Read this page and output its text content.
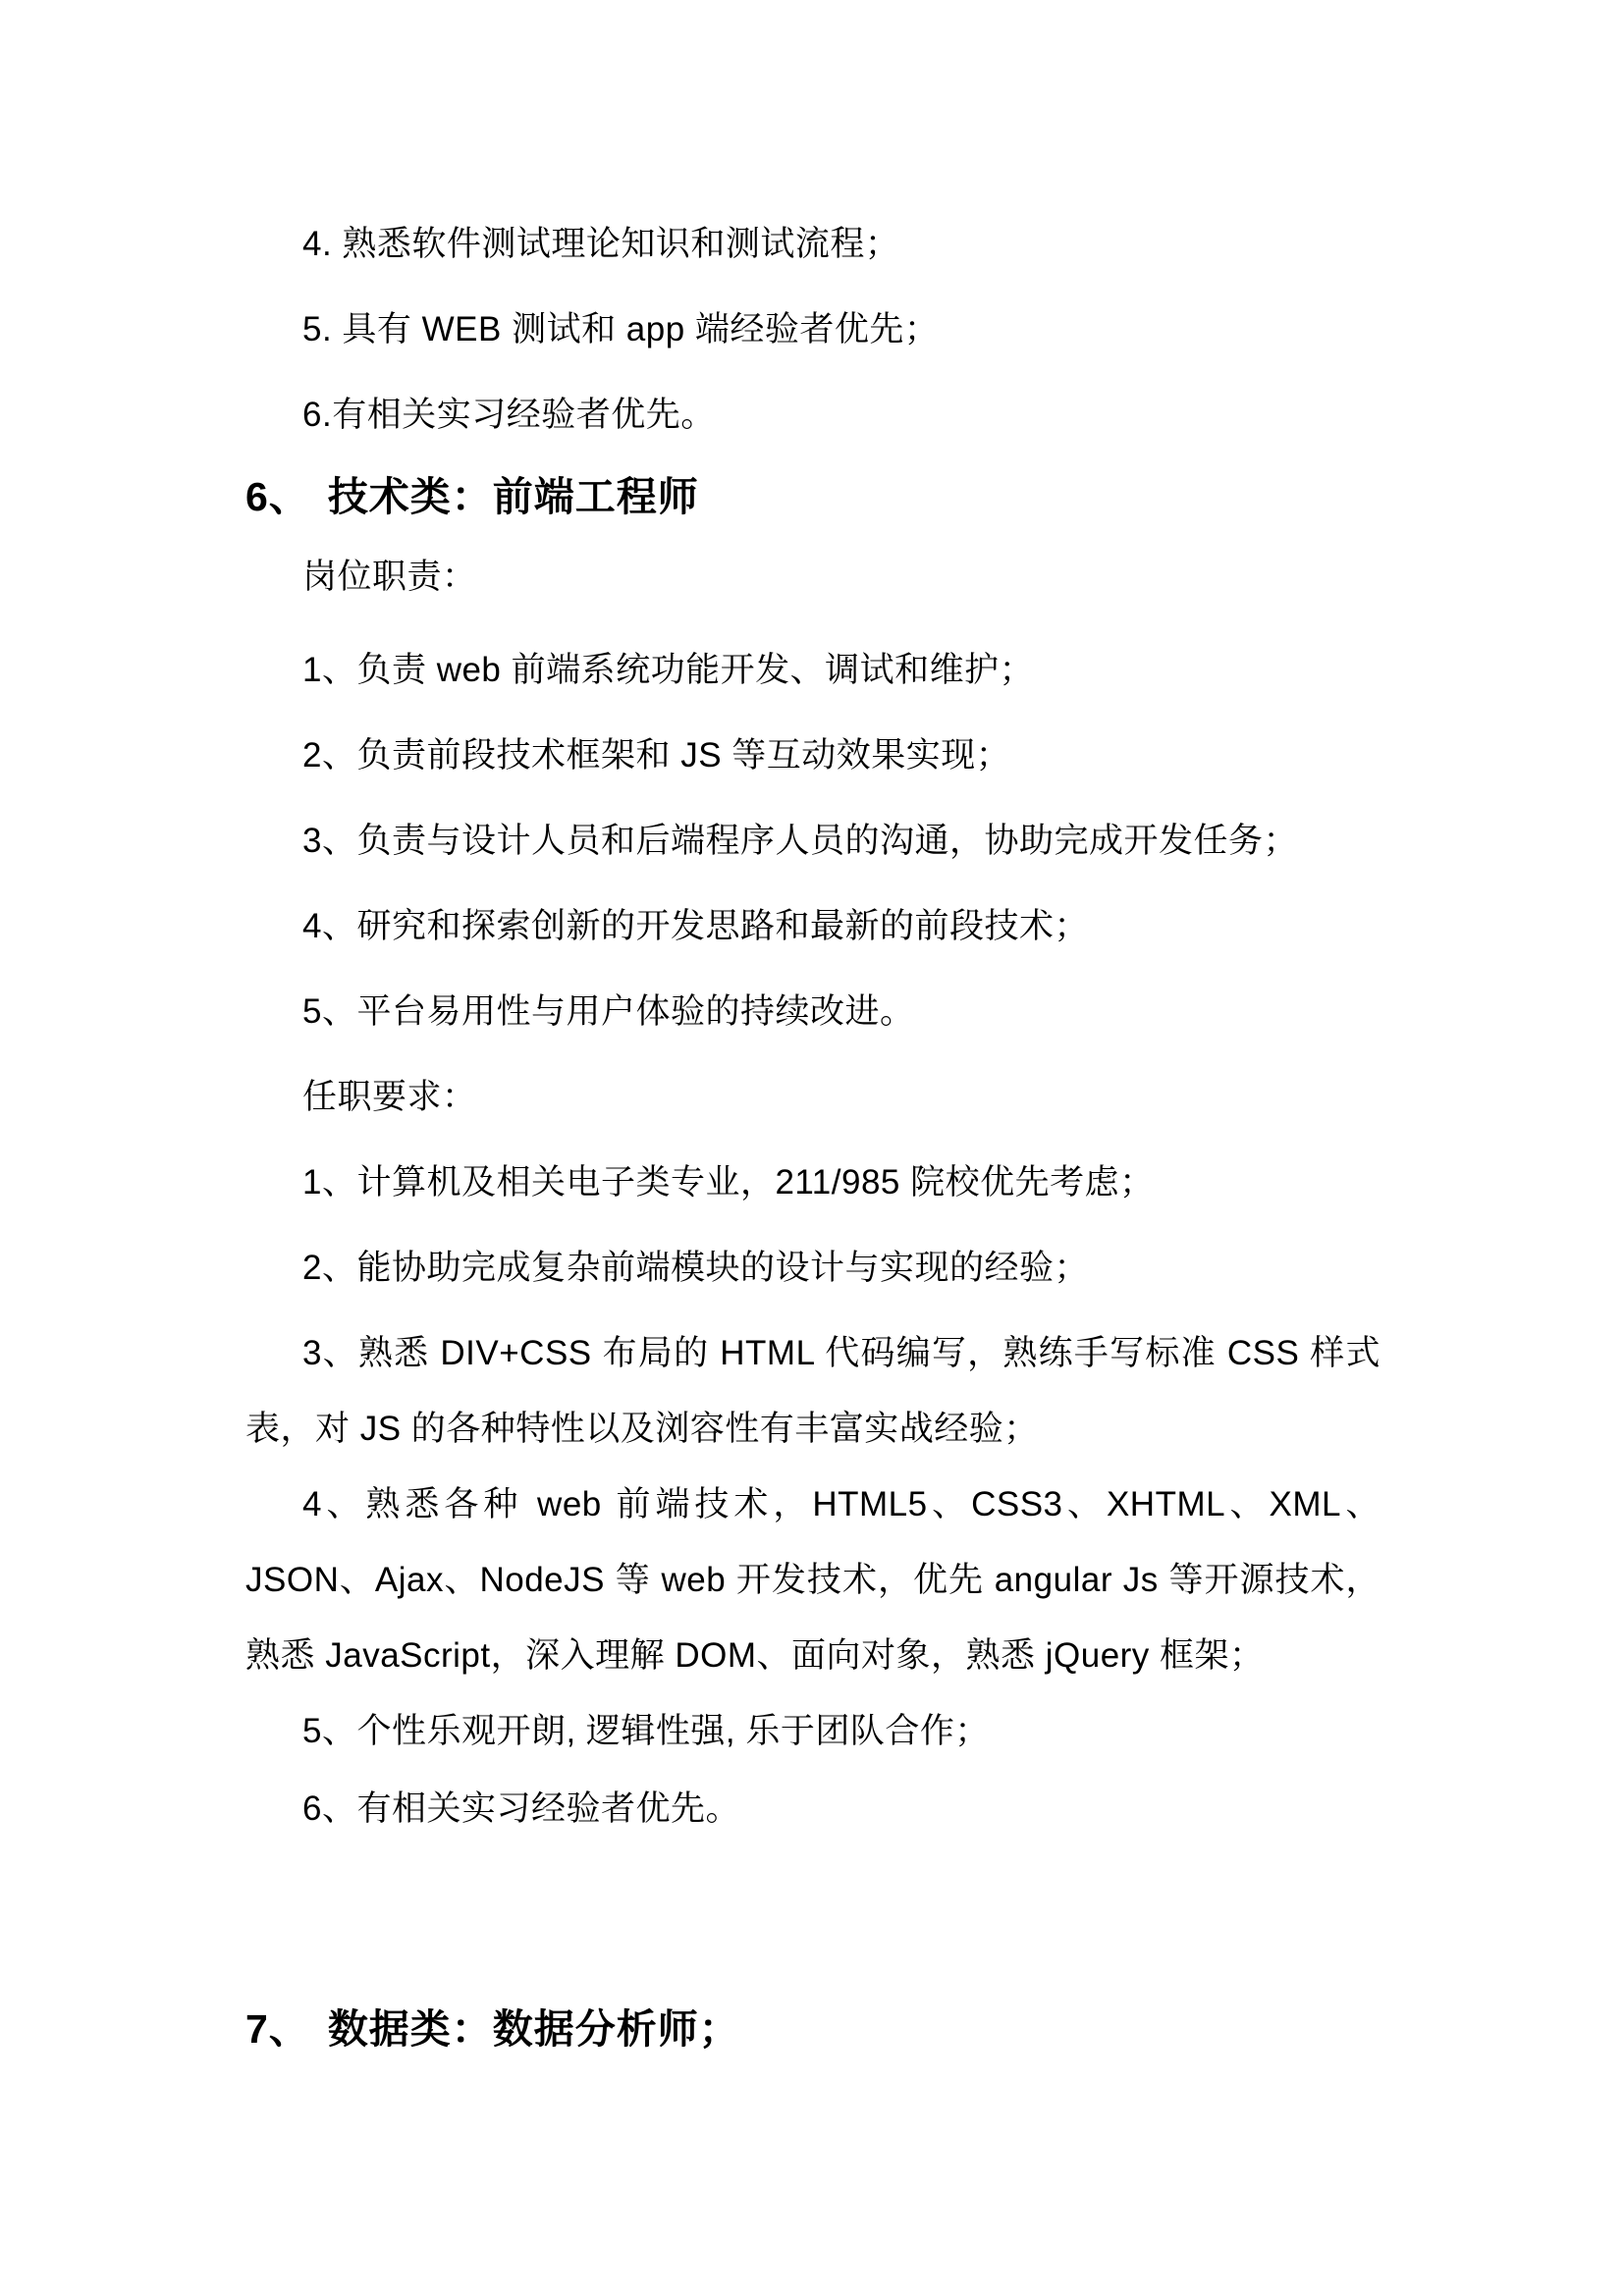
4. 熟悉软件测试理论知识和测试流程；

5. 具有 WEB 测试和 app 端经验者优先；

6.有相关实习经验者优先。

6、 技术类：前端工程师

岗位职责：

1、负责 web 前端系统功能开发、调试和维护；

2、负责前段技术框架和 JS 等互动效果实现；

3、负责与设计人员和后端程序人员的沟通，协助完成开发任务；

4、研究和探索创新的开发思路和最新的前段技术；

5、平台易用性与用户体验的持续改进。

任职要求：

1、计算机及相关电子类专业，211/985 院校优先考虑；

2、能协助完成复杂前端模块的设计与实现的经验；

3、熟悉 DIV+CSS 布局的 HTML 代码编写，熟练手写标准 CSS 样式表，对 JS 的各种特性以及浏容性有丰富实战经验；

4、熟悉各种 web 前端技术，HTML5、CSS3、XHTML、XML、JSON、Ajax、NodeJS 等 web 开发技术，优先 angular Js 等开源技术，熟悉 JavaScript，深入理解 DOM、面向对象，熟悉 jQuery 框架；

5、个性乐观开朗, 逻辑性强, 乐于团队合作；

6、有相关实习经验者优先。

7、 数据类：数据分析师；
